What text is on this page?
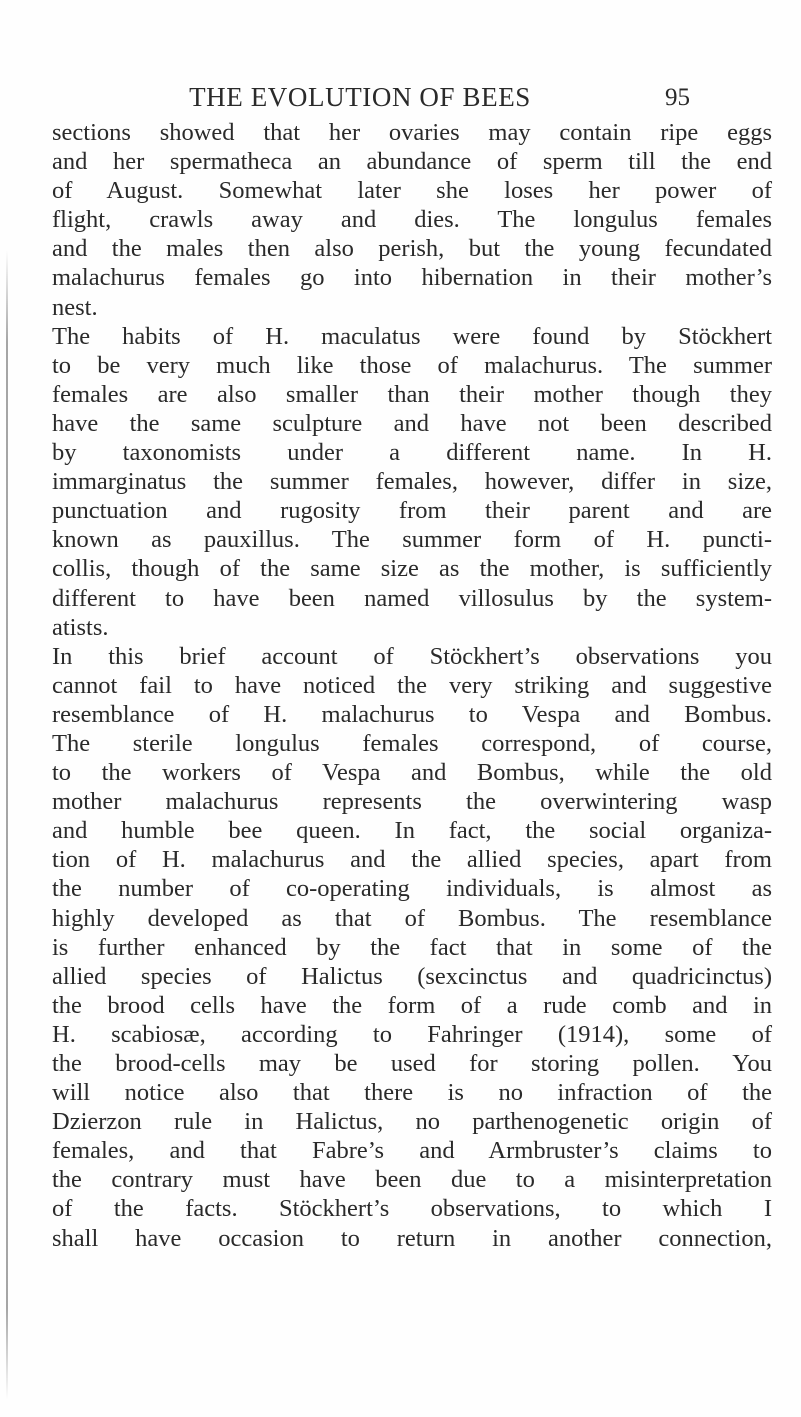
THE EVOLUTION OF BEES	95
sections showed that her ovaries may contain ripe eggs
and her spermatheca an abundance of sperm till the end
of August. Somewhat later she loses her power of
flight, crawls away and dies. The longulus females
and the males then also perish, but the young fecundated
malachurus females go into hibernation in their mother’s
nest.
The habits of H. maculatus were found by Stöckhert
to be very much like those of malachurus. The summer
females are also smaller than their mother though they
have the same sculpture and have not been described
by taxonomists under a different name. In H.
immarginatus the summer females, however, differ in size,
punctuation and rugosity from their parent and are
known as pauxillus. The summer form of H. puncti-
collis, though of the same size as the mother, is sufficiently
different to have been named villosulus by the system-
atists.
In this brief account of Stöckhert’s observations you
cannot fail to have noticed the very striking and suggestive
resemblance of H. malachurus to Vespa and Bombus.
The sterile longulus females correspond, of course,
to the workers of Vespa and Bombus, while the old
mother malachurus represents the overwintering wasp
and humble bee queen. In fact, the social organiza-
tion of H. malachurus and the allied species, apart from
the number of co-operating individuals, is almost as
highly developed as that of Bombus. The resemblance
is further enhanced by the fact that in some of the
allied species of Halictus (sexcinctus and quadricinctus)
the brood cells have the form of a rude comb and in
H. scabiosæ, according to Fahringer (1914), some of
the brood-cells may be used for storing pollen. You
will notice also that there is no infraction of the
Dzierzon rule in Halictus, no parthenogenetic origin of
females, and that Fabre’s and Armbruster’s claims to
the contrary must have been due to a misinterpretation
of the facts. Stöckhert’s observations, to which I
shall have occasion to return in another connection,
